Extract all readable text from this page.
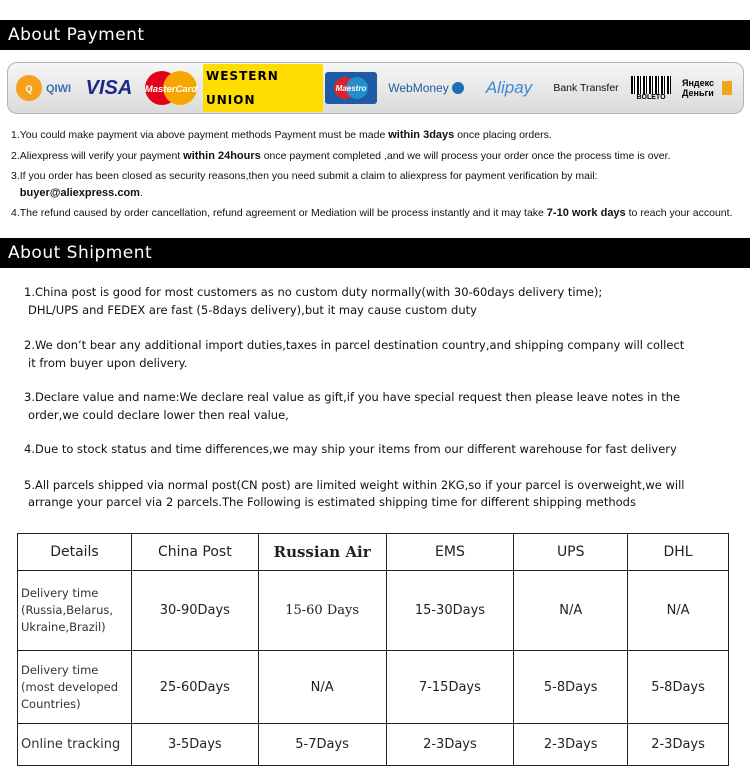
About Payment
Q QIWI VISA MasterCard
WESTERN UNION
Maestro WebMoney Alipay Bank Transfer
BOLETO
Яндекс Деньги

1.You could make payment via above payment methods Payment must be made within 3days once placing orders.

2.Aliexpress will verify your payment within 24hours once payment completed ,and we will process your order once the process time is over.

3.If you order has been closed as security reasons,then you need submit a claim to aliexpress for payment verification by mail:
buyer@aliexpress.com.

4.The refund caused by order cancellation, refund agreement or Mediation will be process instantly and it may take 7-10 work days to reach your account.

About Shipment

1.China post is good for most customers as no custom duty normally(with 30-60days delivery time);

DHL/UPS and FEDEX are fast (5-8days delivery),but it may cause custom duty

2.We don’t bear any additional import duties,taxes in parcel destination country,and shipping company will collect

it from buyer upon delivery.

3.Declare value and name:We declare real value as gift,if you have special request then please leave notes in the

order,we could declare lower then real value,

4.Due to stock status and time differences,we may ship your items from our different warehouse for fast delivery

5.All parcels shipped via normal post(CN post) are limited weight within 2KG,so if your parcel is overweight,we will

arrange your parcel via 2 parcels.The Following is estimated shipping time for different shipping methods

Details	China Post	Russian Air	EMS	UPS	DHL
Delivery time
(Russia,Belarus,
Ukraine,Brazil)	30-90Days	15-60 Days	15-30Days	N/A	N/A
Delivery time
(most developed
Countries)	25-60Days	N/A	7-15Days	5-8Days	5-8Days
Online tracking	3-5Days	5-7Days	2-3Days	2-3Days	2-3Days
